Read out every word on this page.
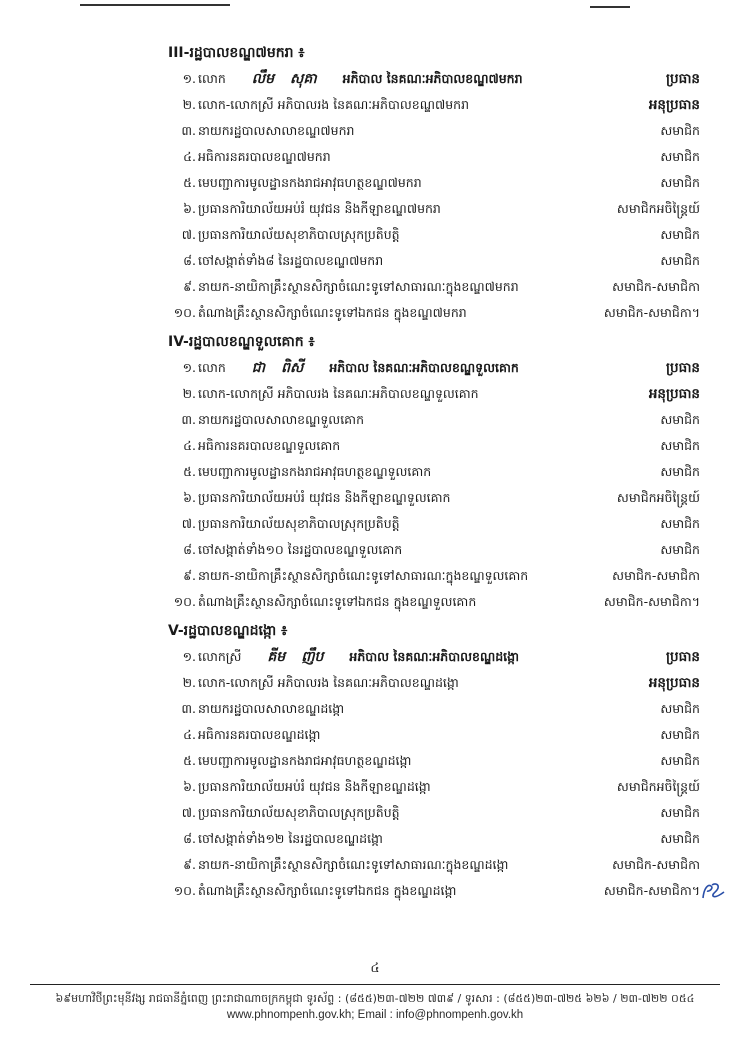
III-រដ្ឋបាលខណ្ឌ៧មករា ៖
១. លោក លឹម សុគា អភិបាល នៃគណៈអភិបាលខណ្ឌ៧មករា	ប្រធាន
២. លោក-លោកស្រី អភិបាលរង នៃគណៈអភិបាលខណ្ឌ៧មករា	អនុប្រធាន
៣. នាយករដ្ឋបាលសាលាខណ្ឌ៧មករា	សមាជិក
៤. អធិការនគរបាលខណ្ឌ៧មករា	សមាជិក
៥. មេបញ្ជាការមូលដ្ឋានកងរាជអាវុធហត្ថខណ្ឌ៧មករា	សមាជិក
៦. ប្រធានការិយាល័យអប់រំ យុវជន និងកីឡាខណ្ឌ៧មករា	សមាជិកអចិន្ត្រៃយ៍
៧. ប្រធានការិយាល័យសុខាភិបាលស្រុកប្រតិបត្តិ	សមាជិក
៨. ចៅសង្កាត់ទាំង៨ នៃរដ្ឋបាលខណ្ឌ៧មករា	សមាជិក
៩. នាយក-នាយិកាគ្រឹះស្ថានសិក្សាចំណេះទូទៅសាធារណៈក្នុងខណ្ឌ៧មករា	សមាជិក-សមាជិកា
១០. តំណាងគ្រឹះស្ថានសិក្សាចំណេះទូទៅឯកជន ក្នុងខណ្ឌ៧មករា	សមាជិក-សមាជិកា។
IV-រដ្ឋបាលខណ្ឌទួលគោក ៖
១. លោក ជា ពិសី អភិបាល នៃគណៈអភិបាលខណ្ឌទួលគោក	ប្រធាន
២. លោក-លោកស្រី អភិបាលរង នៃគណៈអភិបាលខណ្ឌទួលគោក	អនុប្រធាន
៣. នាយករដ្ឋបាលសាលាខណ្ឌទួលគោក	សមាជិក
៤. អធិការនគរបាលខណ្ឌទួលគោក	សមាជិក
៥. មេបញ្ជាការមូលដ្ឋានកងរាជអាវុធហត្ថខណ្ឌទួលគោក	សមាជិក
៦. ប្រធានការិយាល័យអប់រំ យុវជន និងកីឡាខណ្ឌទួលគោក	សមាជិកអចិន្ត្រៃយ៍
៧. ប្រធានការិយាល័យសុខាភិបាលស្រុកប្រតិបត្តិ	សមាជិក
៨. ចៅសង្កាត់ទាំង១០ នៃរដ្ឋបាលខណ្ឌទួលគោក	សមាជិក
៩. នាយក-នាយិកាគ្រឹះស្ថានសិក្សាចំណេះទូទៅសាធារណៈក្នុងខណ្ឌទួលគោក	សមាជិក-សមាជិកា
១០. តំណាងគ្រឹះស្ថានសិក្សាចំណេះទូទៅឯកជន ក្នុងខណ្ឌទួលគោក	សមាជិក-សមាជិកា។
V-រដ្ឋបាលខណ្ឌដង្កោ ៖
១. លោកស្រី គីម ញឹប អភិបាល នៃគណៈអភិបាលខណ្ឌដង្កោ	ប្រធាន
២. លោក-លោកស្រី អភិបាលរង នៃគណៈអភិបាលខណ្ឌដង្កោ	អនុប្រធាន
៣. នាយករដ្ឋបាលសាលាខណ្ឌដង្កោ	សមាជិក
៤. អធិការនគរបាលខណ្ឌដង្កោ	សមាជិក
៥. មេបញ្ជាការមូលដ្ឋានកងរាជអាវុធហត្ថខណ្ឌដង្កោ	សមាជិក
៦. ប្រធានការិយាល័យអប់រំ យុវជន និងកីឡាខណ្ឌដង្កោ	សមាជិកអចិន្ត្រៃយ៍
៧. ប្រធានការិយាល័យសុខាភិបាលស្រុកប្រតិបត្តិ	សមាជិក
៨. ចៅសង្កាត់ទាំង១២ នៃរដ្ឋបាលខណ្ឌដង្កោ	សមាជិក
៩. នាយក-នាយិកាគ្រឹះស្ថានសិក្សាចំណេះទូទៅសាធារណៈក្នុងខណ្ឌដង្កោ	សមាជិក-សមាជិកា
១០. តំណាងគ្រឹះស្ថានសិក្សាចំណេះទូទៅឯកជន ក្នុងខណ្ឌដង្កោ	សមាជិក-សមាជិកា។
៤
៦៩មហាវិថីព្រះមុនីវង្ស រាជធានីភ្នំពេញ ព្រះរាជាណាចក្រកម្ពុជា ទូរស័ព្ទ : (៨៥៥)២៣-៧២២ ៧៣៩ / ទូរសារ : (៨៥៥)២៣-៧២៥ ៦២៦ / ២៣-៧២២ ០៥៤
www.phnompenh.gov.kh; Email : info@phnompenh.gov.kh
